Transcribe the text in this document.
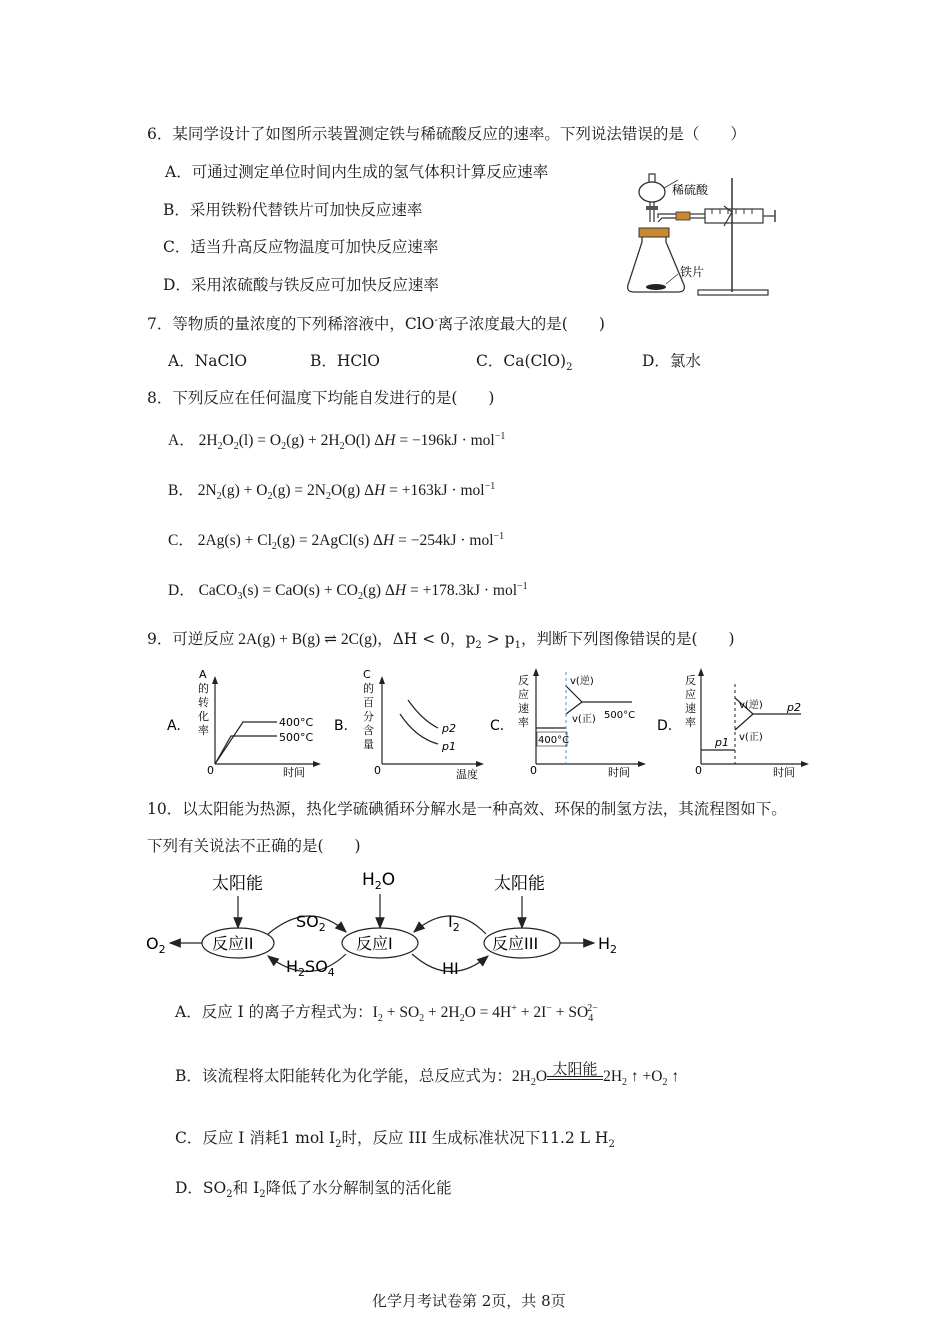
6．某同学设计了如图所示装置测定铁与稀硫酸反应的速率。下列说法错误的是（　　）
A．可通过测定单位时间内生成的氢气体积计算反应速率
B．采用铁粉代替铁片可加快反应速率
C．适当升高反应物温度可加快反应速率
D．采用浓硫酸与铁反应可加快反应速率
稀硫酸
铁片
7．等物质的量浓度的下列稀溶液中，ClO-离子浓度最大的是(　　)
A．NaClO	B．HClO	C．$Ca(ClO)_2$	D．氯水
8．下列反应在任何温度下均能自发进行的是(　　)
A． $2H_2O_2(l) = O_2(g) + 2H_2O(l) \Delta H = -196kJ \cdot mol^{-1}$
B． $2N_2(g) + O_2(g) = 2N_2O(g) \Delta H = +163kJ \cdot mol^{-1}$
C． $2Ag(s) + Cl_2(g)$ = 2AgCl(s) ΔH = −254kJ · mol$^{-1}$
D． CaCO$_3$(s) = $CaO(s) + CO_2(g) \Delta H = +178.3kJ \cdot mol^{-1}$
9．可逆反应 2A(g) + B(g) ⇌ 2C(g)，ΔH < 0，$p_2 > p_1$，判断下列图像错误的是(　　)
A.
A
的
转
化
率
400°C
500°C
0	时间
B.
C
的
百
分
含
量
p2
p1
0	温度
C.
反
应
速
率
v(逆)
v(正) 500°C
400°C
0	时间
D.
反
应
速
率
v(逆)
v(正)
p2
p1
0	时间
10．以太阳能为热源，热化学硫碘循环分解水是一种高效、环保的制氢方法，其流程图如下。
下列有关说法不正确的是(　　)
太阳能	$H_2O$	太阳能
反应II	反应I	反应III
$SO_2$
$H_2SO_4$
$I_2$
HI
$O_2$	$H_2$
A．反应 I 的离子方程式为：$I_2 + SO_2 + 2H_2O = 4H^+ + 2I^- + SO_4^{2-}$
B．该流程将太阳能转化为化学能，总反应式为：$2H_2O$ 太阳能 $2H_2$ ↑ $+O_2$ ↑
C．反应 I 消耗1 mol $I_2$时，反应 III 生成标准状况下11.2 L $H_2$
D．$SO_2$和 $I_2$降低了水分解制氢的活化能
化学月考试卷第 2页，共 8页
